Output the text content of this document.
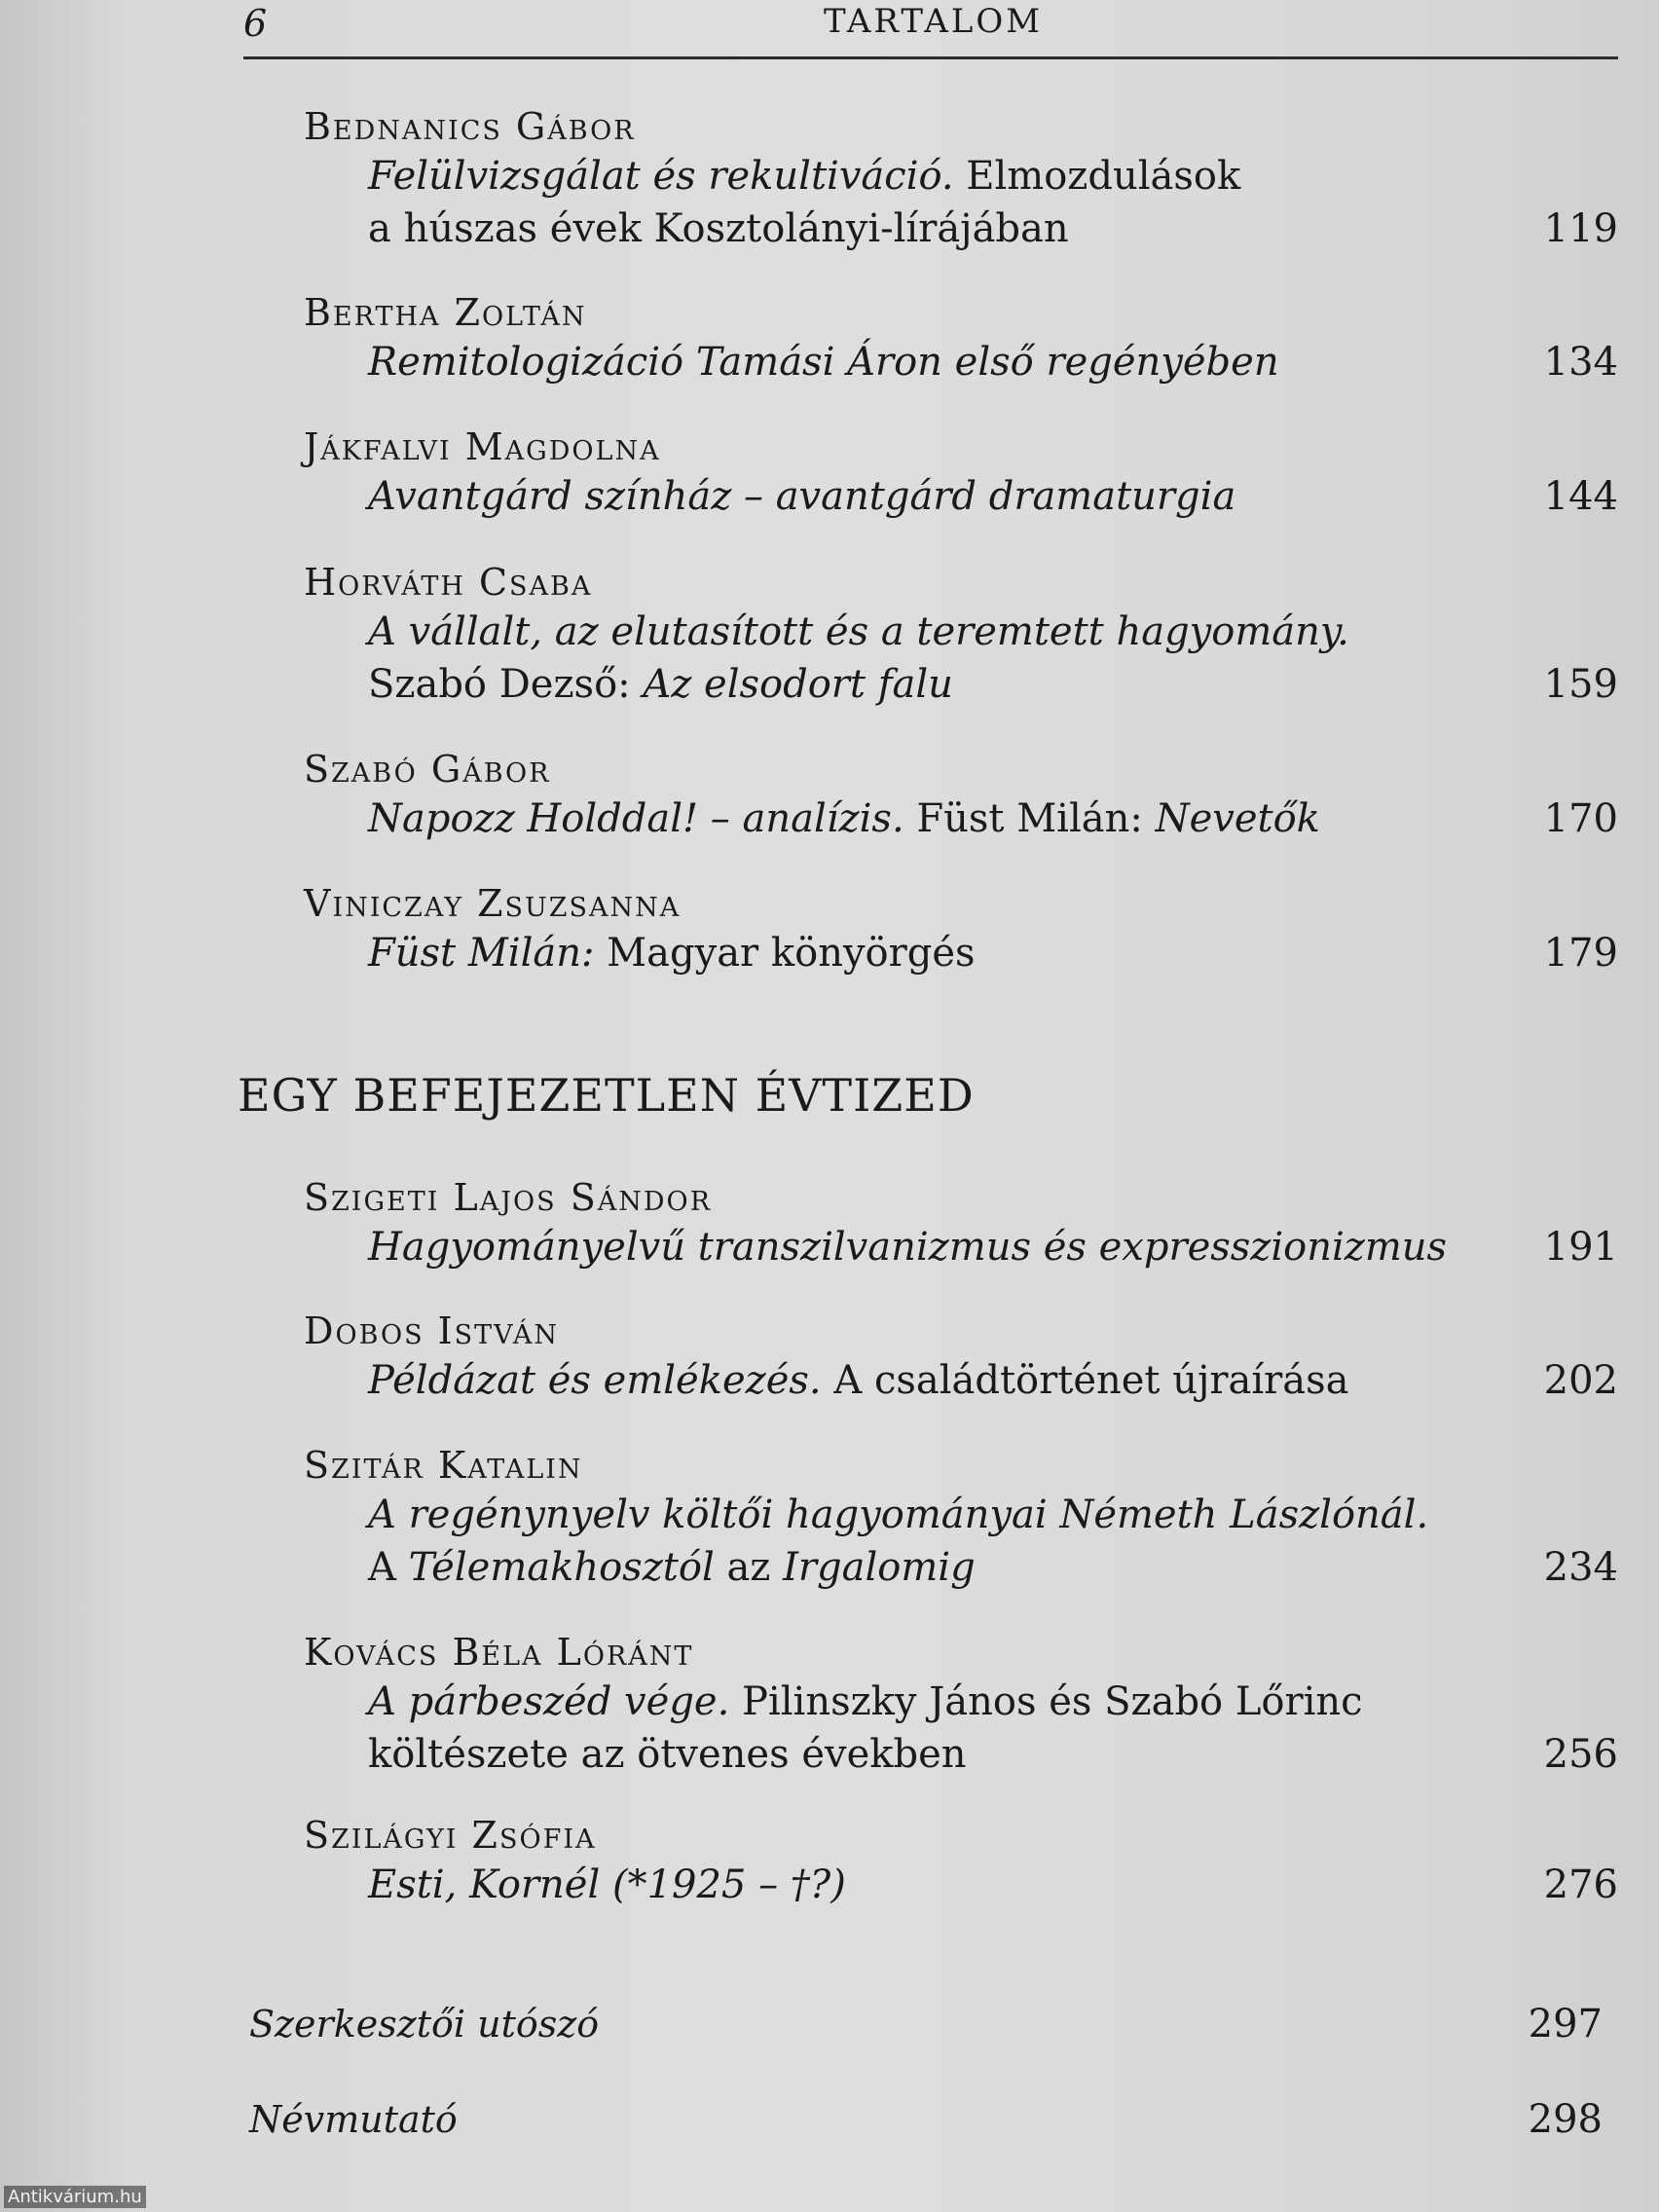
6	TARTALOM
Bednanics Gábor
Felülvizsgálat és rekultiváció. Elmozdulások
a húszas évek Kosztolányi-lírájában	119
Bertha Zoltán
Remitologizáció Tamási Áron első regényében	134
Jákfalvi Magdolna
Avantgárd színház – avantgárd dramaturgia	144
Horváth Csaba
A vállalt, az elutasított és a teremtett hagyomány.
Szabó Dezső: Az elsodort falu	159
Szabó Gábor
Napozz Holddal! – analízis. Füst Milán: Nevetők	170
Viniczay Zsuzsanna
Füst Milán: Magyar könyörgés	179
EGY BEFEJEZETLEN ÉVTIZED
Szigeti Lajos Sándor
Hagyományelvű transzilvanizmus és expresszionizmus	191
Dobos István
Példázat és emlékezés. A családtörténet újraírása	202
Szitár Katalin
A regénynyelv költői hagyományai Németh Lászlónál.
A Télemakhosztól az Irgalomig	234
Kovács Béla Lóránt
A párbeszéd vége. Pilinszky János és Szabó Lőrinc
költészete az ötvenes években	256
Szilágyi Zsófia
Esti, Kornél (*1925 – †?)	276
Szerkesztői utószó	297
Névmutató	298
Antikvárium.hu
